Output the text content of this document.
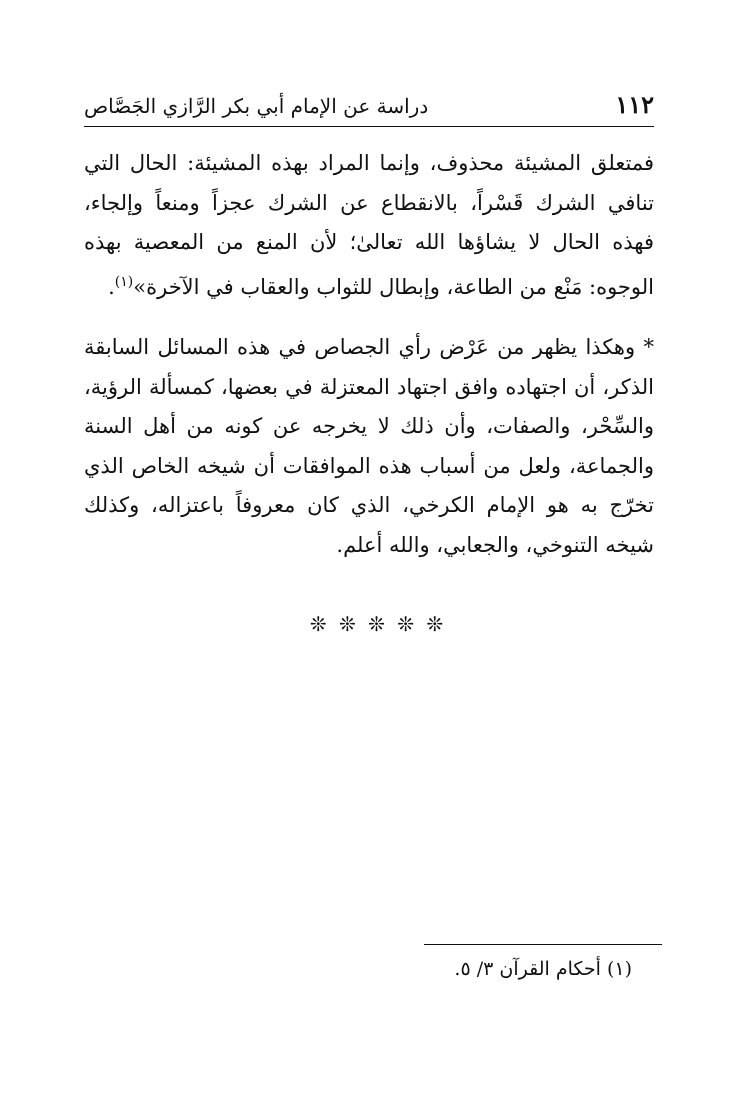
١١٢
دراسة عن الإمام أبي بكر الرَّازي الجَصَّاص

فمتعلق المشيئة محذوف، وإنما المراد بهذه المشيئة: الحال التي تنافي الشرك قَسْراً، بالانقطاع عن الشرك عجزاً ومنعاً وإلجاء، فهذه الحال لا يشاؤها الله تعالىٰ؛ لأن المنع من المعصية بهذه الوجوه: مَنْع من الطاعة، وإبطال للثواب والعقاب في الآخرة»$^{(١)}$.

* وهكذا يظهر من عَرْض رأي الجصاص في هذه المسائل السابقة الذكر، أن اجتهاده وافق اجتهاد المعتزلة في بعضها، كمسألة الرؤية، والسِّحْر، والصفات، وأن ذلك لا يخرجه عن كونه من أهل السنة والجماعة، ولعل من أسباب هذه الموافقات أن شيخه الخاص الذي تخرّج به هو الإمام الكرخي، الذي كان معروفاً باعتزاله، وكذلك شيخه التنوخي، والجعابي، والله أعلم.

❊ ❊ ❊ ❊ ❊
(١) أحكام القرآن ٣/ ٥.
